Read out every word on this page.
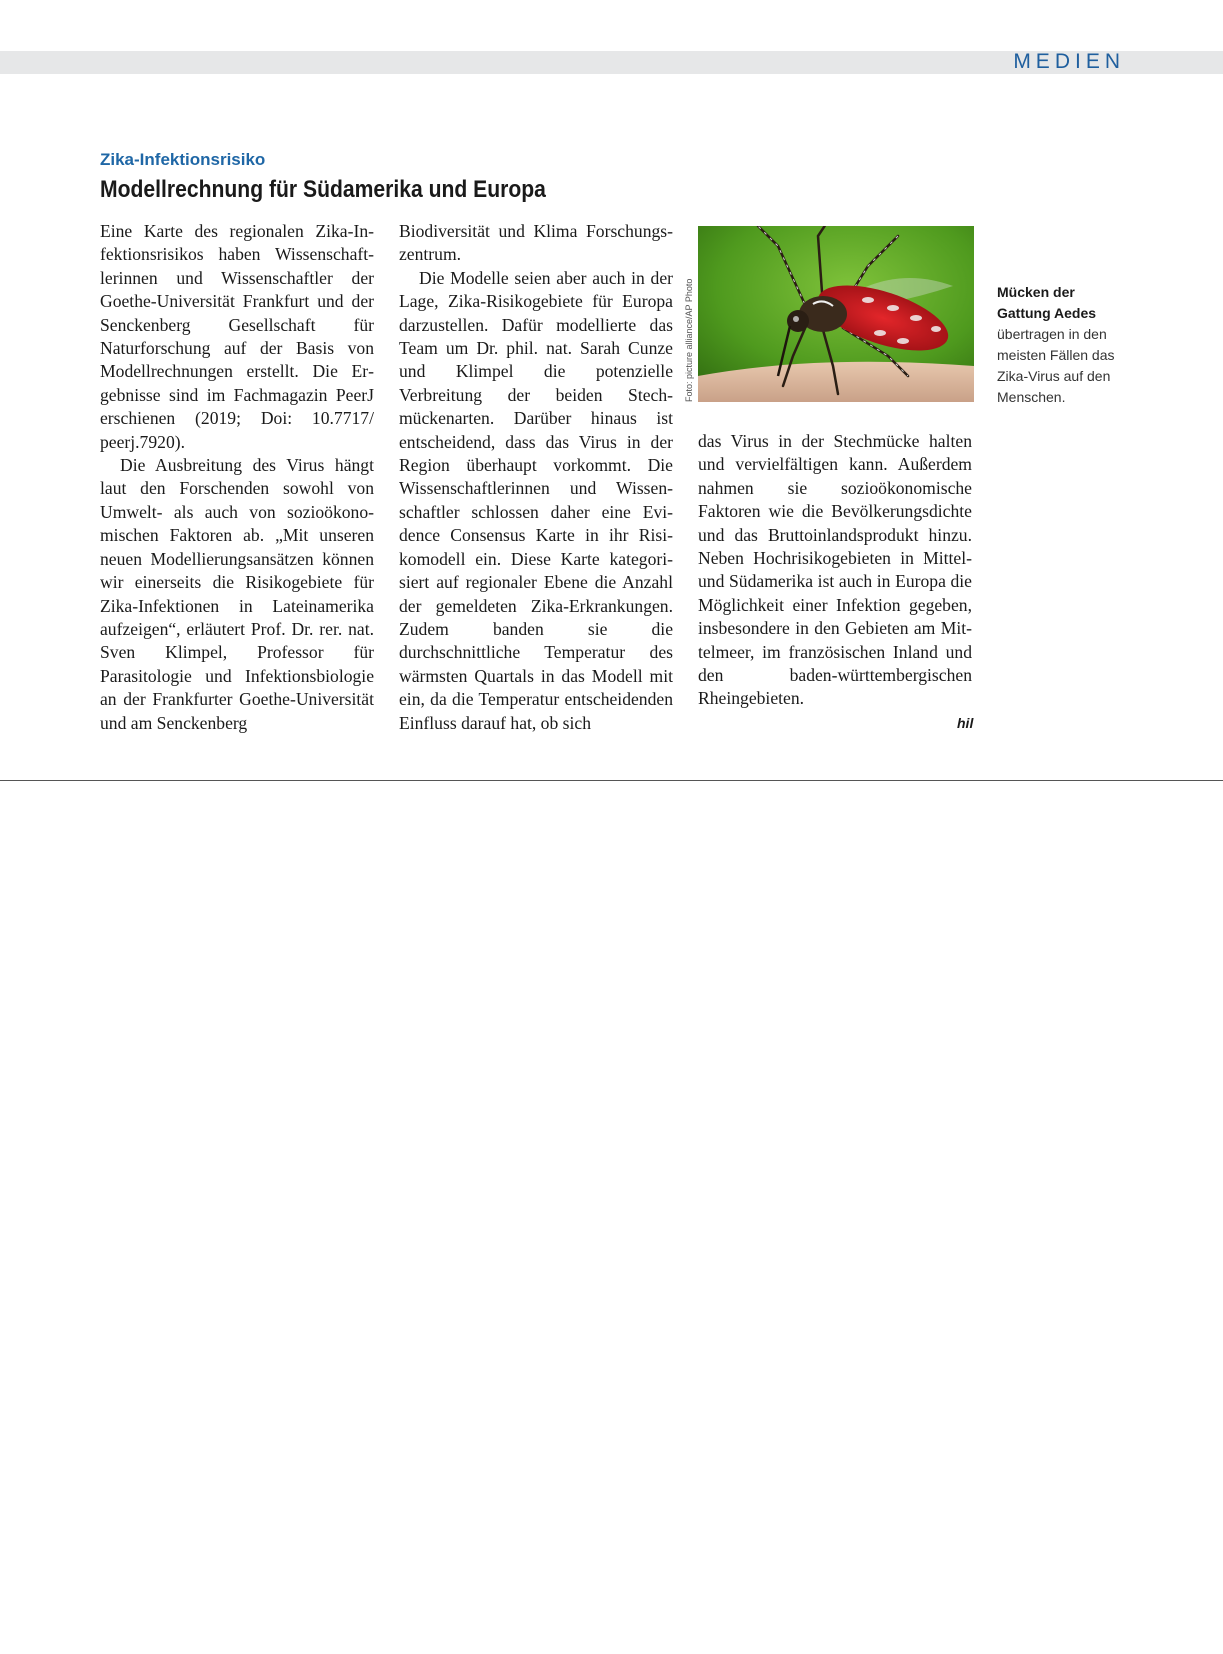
MEDIEN
Zika-Infektionsrisiko
Modellrechnung für Südamerika und Europa

Eine Karte des regionalen Zika-Infektionsrisikos haben Wissenschaftlerinnen und Wissenschaftler der Goethe-Universität Frankfurt und der Senckenberg Gesellschaft für Naturforschung auf der Basis von Modellrechnungen erstellt. Die Ergebnisse sind im Fachmagazin PeerJ erschienen (2019; Doi: 10.7717/ peerj.7920).

Die Ausbreitung des Virus hängt laut den Forschenden sowohl von Umwelt- als auch von sozioökonomischen Faktoren ab. „Mit unseren neuen Modellierungsansätzen können wir einerseits die Risikogebiete für Zika-Infektionen in Lateinamerika aufzeigen“, erläutert Prof. Dr. rer. nat. Sven Klimpel, Professor für Parasitologie und Infektionsbiologie an der Frankfurter Goethe-Universität und am Senckenberg

Biodiversität und Klima Forschungszentrum.

Die Modelle seien aber auch in der Lage, Zika-Risikogebiete für Europa darzustellen. Dafür modellierte das Team um Dr. phil. nat. Sarah Cunze und Klimpel die potenzielle Verbreitung der beiden Stechmückenarten. Darüber hinaus ist entscheidend, dass das Virus in der Region überhaupt vorkommt. Die Wissenschaftlerinnen und Wissenschaftler schlossen daher eine Evidence Consensus Karte in ihr Risikomodell ein. Diese Karte kategorisiert auf regionaler Ebene die Anzahl der gemeldeten Zika-Erkrankungen. Zudem banden sie die durchschnittliche Temperatur des wärmsten Quartals in das Modell mit ein, da die Temperatur entscheidenden Einfluss darauf hat, ob sich

Foto: picture alliance/AP Photo	Mücken der Gattung Aedes übertragen in den meisten Fällen das Zika-Virus auf den Menschen.

das Virus in der Stechmücke halten und vervielfältigen kann. Außerdem nahmen sie sozioökonomische Faktoren wie die Bevölkerungsdichte und das Bruttoinlandsprodukt hinzu. Neben Hochrisikogebieten in Mittel- und Südamerika ist auch in Europa die Möglichkeit einer Infektion gegeben, insbesondere in den Gebieten am Mittelmeer, im französischen Inland und den baden-württembergischen Rheingebieten.

hil
